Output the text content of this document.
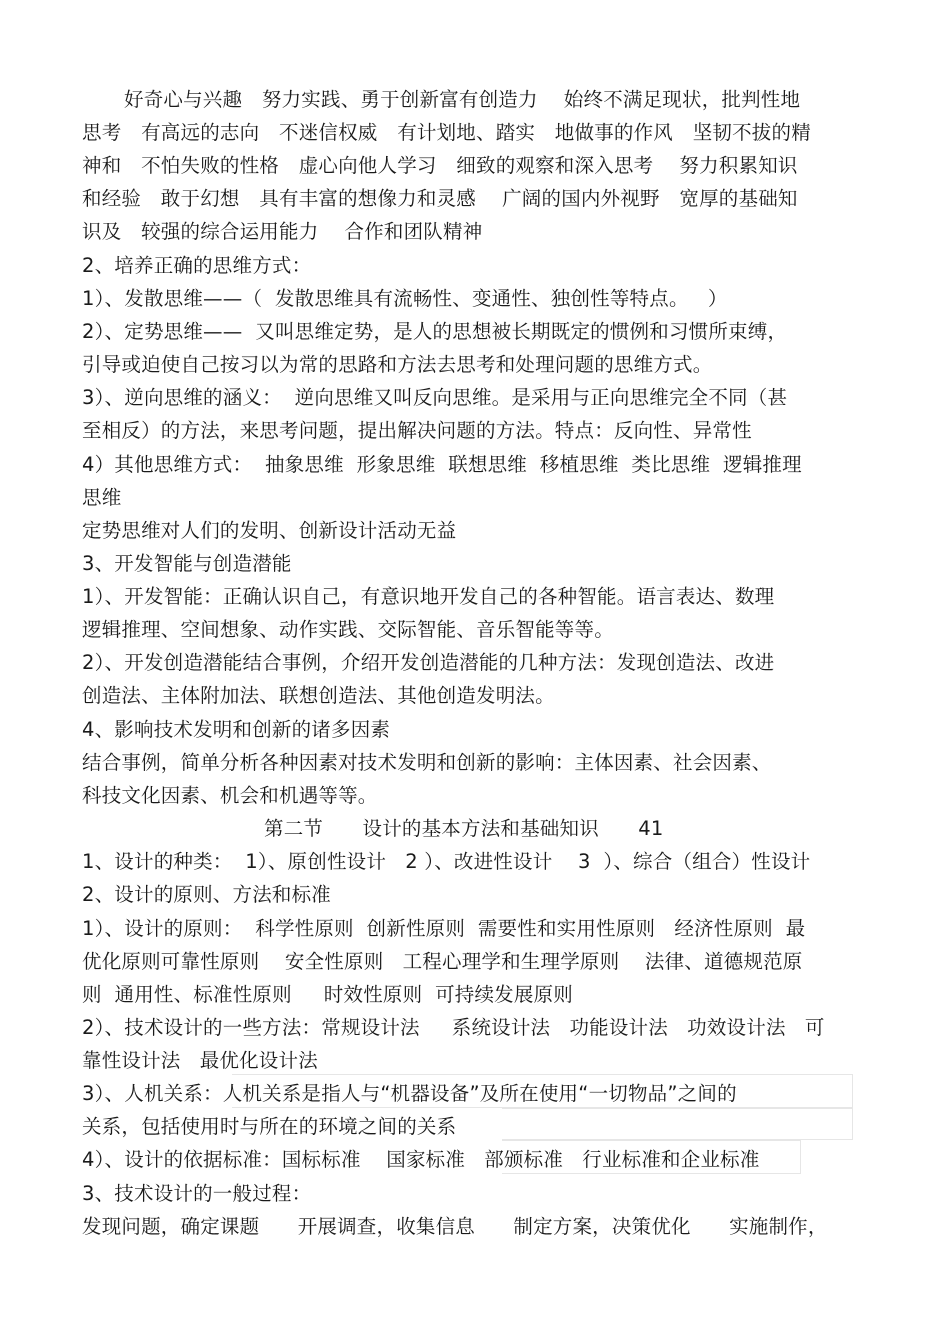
好奇心与兴趣　努力实践、勇于创新富有创造力　 始终不满足现状，批判性地
思考　有高远的志向　不迷信权威　有计划地、踏实　地做事的作风　坚韧不拔的精
神和　不怕失败的性格　虚心向他人学习　细致的观察和深入思考　 努力积累知识
和经验　敢于幻想　具有丰富的想像力和灵感　 广阔的国内外视野　宽厚的基础知
识及　较强的综合运用能力　 合作和团队精神
2、培养正确的思维方式：
1）、发散思维——（  发散思维具有流畅性、变通性、独创性等特点。   ）
2）、定势思维——  又叫思维定势，是人的思想被长期既定的惯例和习惯所束缚，
引导或迫使自己按习以为常的思路和方法去思考和处理问题的思维方式。
3）、逆向思维的涵义：  逆向思维又叫反向思维。是采用与正向思维完全不同（甚
至相反）的方法，来思考问题，提出解决问题的方法。特点：反向性、异常性
4）其他思维方式：  抽象思维  形象思维  联想思维  移植思维  类比思维  逻辑推理
思维
定势思维对人们的发明、创新设计活动无益
3、开发智能与创造潜能
1）、开发智能：正确认识自己，有意识地开发自己的各种智能。语言表达、数理
逻辑推理、空间想象、动作实践、交际智能、音乐智能等等。
2）、开发创造潜能结合事例，介绍开发创造潜能的几种方法：发现创造法、改进
创造法、主体附加法、联想创造法、其他创造发明法。
4、影响技术发明和创新的诸多因素
结合事例，简单分析各种因素对技术发明和创新的影响：主体因素、社会因素、
科技文化因素、机会和机遇等等。
第二节　　设计的基本方法和基础知识　　41
1、设计的种类：  1）、原创性设计   2 ）、改进性设计    3  ）、综合（组合）性设计
2、设计的原则、方法和标准
1）、设计的原则：  科学性原则  创新性原则  需要性和实用性原则   经济性原则  最
优化原则可靠性原则    安全性原则   工程心理学和生理学原则    法律、道德规范原
则  通用性、标准性原则     时效性原则  可持续发展原则
2）、技术设计的一些方法：常规设计法     系统设计法   功能设计法   功效设计法   可
靠性设计法   最优化设计法
3）、人机关系：人机关系是指人与“机器设备”及所在使用“一切物品”之间的
关系，包括使用时与所在的环境之间的关系
4）、设计的依据标准：国标标准    国家标准   部颁标准   行业标准和企业标准
3、技术设计的一般过程：
发现问题，确定课题      开展调查，收集信息      制定方案，决策优化      实施制作，
